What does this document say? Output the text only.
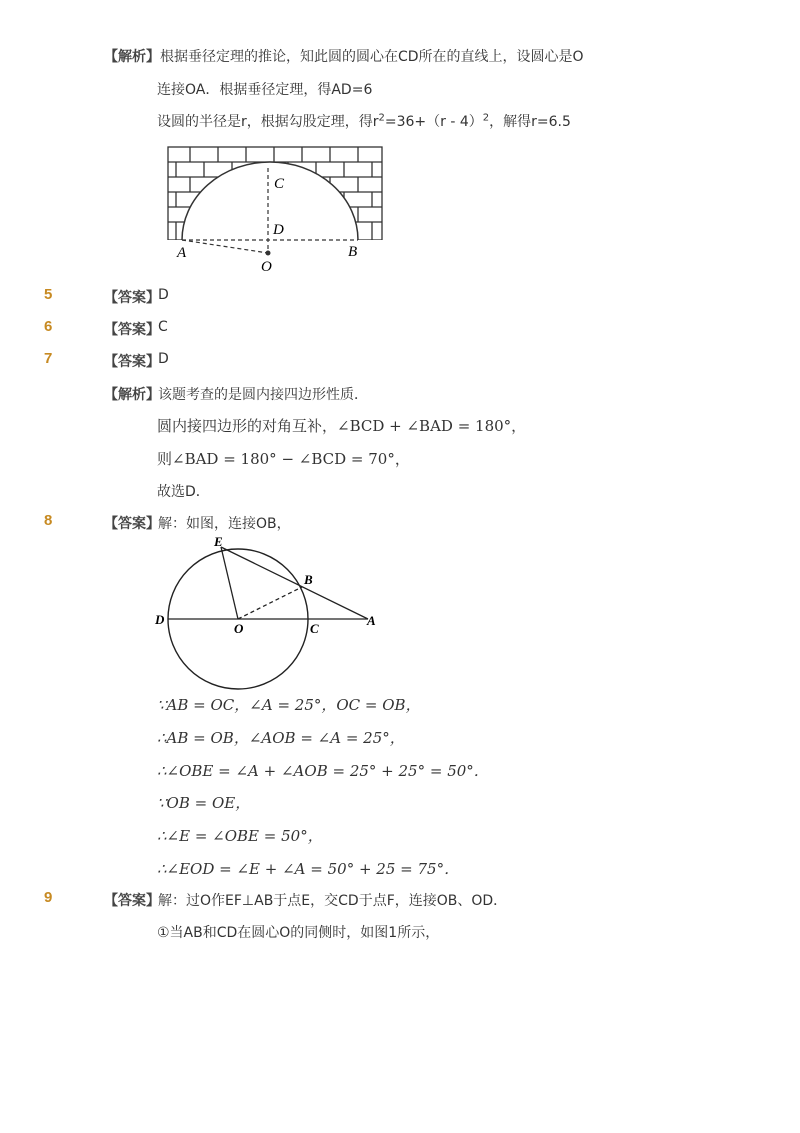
【解析】 根据垂径定理的推论，知此圆的圆心在CD所在的直线上，设圆心是O
连接OA．根据垂径定理，得AD=6
设圆的半径是r，根据勾股定理，得$r^2=36+(r - 4)^2$，解得r=6.5
A	B
C
D
O
5	【答案】
D
6	【答案】
C
7	【答案】
D
【解析】
该题考查的是圆内接四边形性质．
圆内接四边形的对角互补，∠BCD + ∠BAD = 180°，
则∠BAD = 180° − ∠BCD = 70°，
故选D．
8	【答案】
解：如图，连接OB，
E
B
D
O	C
A
∵AB = OC，∠A = 25°，OC = OB，
∴AB = OB，∠AOB = ∠A = 25°，
∴∠OBE = ∠A + ∠AOB = 25° + 25° = 50°．
∵OB = OE，
∴∠E = ∠OBE = 50°，
∴∠EOD = ∠E + ∠A = 50° + 25 = 75°．
9	【答案】
解：过O作EF⊥AB于点E，交CD于点F，连接OB、OD．
①当AB和CD在圆心O的同侧时，如图1所示，
